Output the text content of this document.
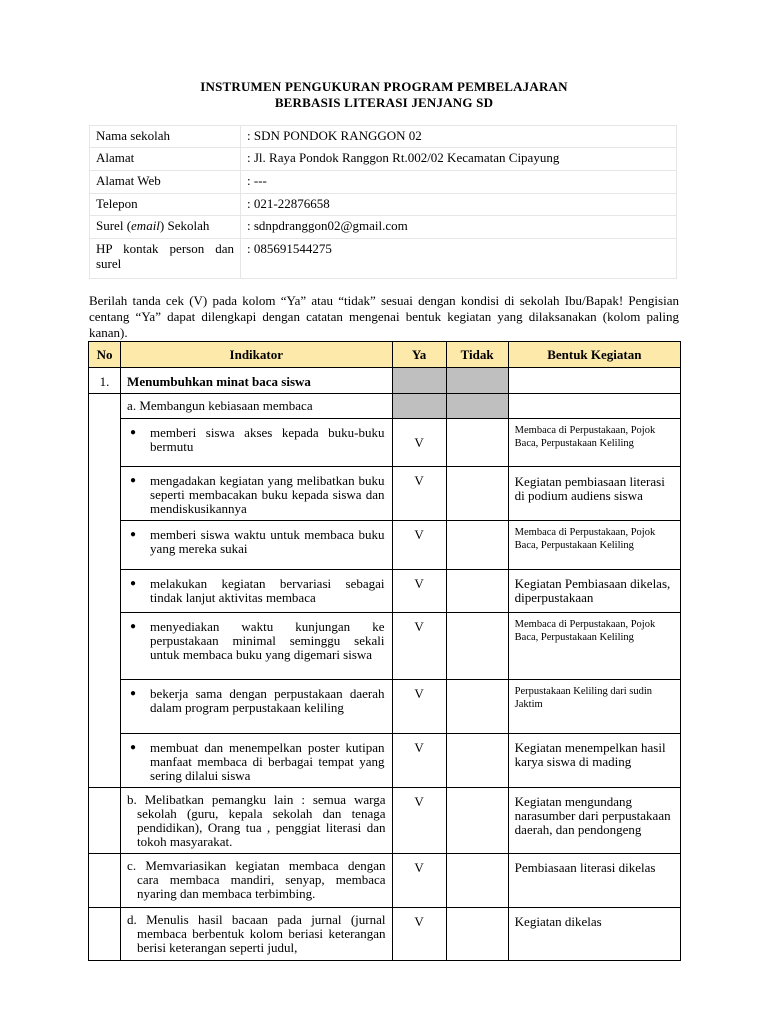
INSTRUMEN PENGUKURAN PROGRAM PEMBELAJARAN
BERBASIS LITERASI JENJANG SD
Nama sekolah	: SDN PONDOK RANGGON 02
Alamat	: Jl. Raya Pondok Ranggon Rt.002/02 Kecamatan Cipayung
Alamat Web	: ---
Telepon	: 021-22876658
Surel (email) Sekolah	: sdnpdranggon02@gmail.com
HP kontak person dan surel	: 085691544275
Berilah tanda cek (V) pada kolom “Ya” atau “tidak” sesuai dengan kondisi di sekolah Ibu/Bapak! Pengisian centang “Ya” dapat dilengkapi dengan catatan mengenai bentuk kegiatan yang dilaksanakan (kolom paling kanan).
No	Indikator	Ya	Tidak	Bentuk Kegiatan
1.	Menumbuhkan minat baca siswa			
	a. Membangun kebiasaan membaca			

	● memberi siswa akses kepada buku-buku bermutu	V		Membaca di Perpustakaan, Pojok Baca, Perpustakaan Keliling

	● mengadakan kegiatan yang melibatkan buku seperti membacakan buku kepada siswa dan mendiskusikannya	V		Kegiatan pembiasaan literasi di podium audiens siswa

	● memberi siswa waktu untuk membaca buku yang mereka sukai	V		Membaca di Perpustakaan, Pojok Baca, Perpustakaan Keliling

	● melakukan kegiatan bervariasi sebagai tindak lanjut aktivitas membaca	V		Kegiatan Pembiasaan dikelas, diperpustakaan

	● menyediakan waktu kunjungan ke perpustakaan minimal seminggu sekali untuk membaca buku yang digemari siswa	V		Membaca di Perpustakaan, Pojok Baca, Perpustakaan Keliling

	● bekerja sama dengan perpustakaan daerah dalam program perpustakaan keliling	V		Perpustakaan Keliling dari sudin Jaktim

	● membuat dan menempelkan poster kutipan manfaat membaca di berbagai tempat yang sering dilalui siswa	V		Kegiatan menempelkan hasil karya siswa di mading

	b. Melibatkan pemangku lain : semua warga sekolah (guru, kepala sekolah dan tenaga pendidikan), Orang tua , penggiat literasi dan tokoh masyarakat.	V		Kegiatan mengundang narasumber dari perpustakaan daerah, dan pendongeng

	c. Memvariasikan kegiatan membaca dengan cara membaca mandiri, senyap, membaca nyaring dan membaca terbimbing.	V		Pembiasaan literasi dikelas

	d. Menulis hasil bacaan pada jurnal (jurnal membaca berbentuk kolom beriasi keterangan berisi keterangan seperti judul,	V		Kegiatan dikelas
